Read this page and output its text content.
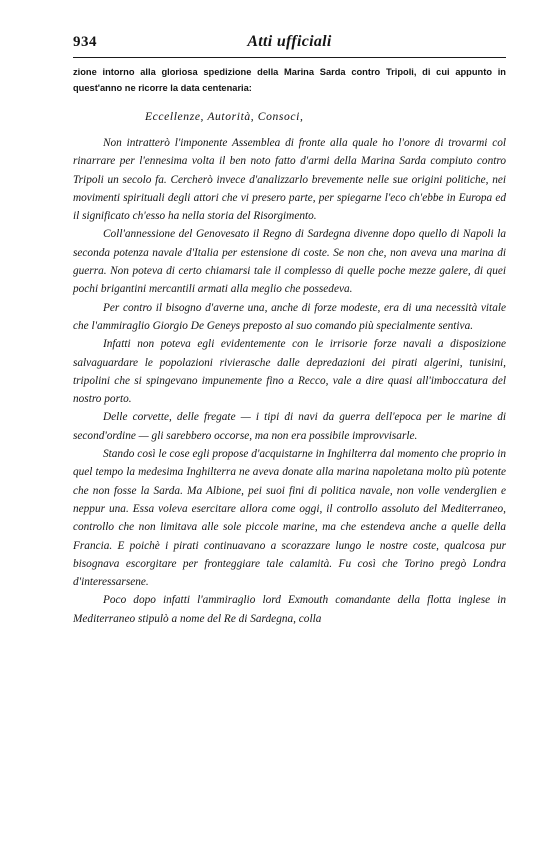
934	Atti ufficiali
zione intorno alla gloriosa spedizione della Marina Sarda contro Tripoli, di cui appunto in quest'anno ne ricorre la data centenaria:
Eccellenze, Autorità, Consoci,

Non intratterò l'imponente Assemblea di fronte alla quale ho l'onore di trovarmi col rinarrare per l'ennesima volta il ben noto fatto d'armi della Marina Sarda compiuto contro Tripoli un secolo fa. Cercherò invece d'analizzarlo brevemente nelle sue origini politiche, nei movimenti spirituali degli attori che vi presero parte, per spiegarne l'eco ch'ebbe in Europa ed il significato ch'esso ha nella storia del Risorgimento.

Coll'annessione del Genovesato il Regno di Sardegna divenne dopo quello di Napoli la seconda potenza navale d'Italia per estensione di coste. Se non che, non aveva una marina di guerra. Non poteva di certo chiamarsi tale il complesso di quelle poche mezze galere, di quei pochi brigantini mercantili armati alla meglio che possedeva.

Per contro il bisogno d'averne una, anche di forze modeste, era di una necessità vitale che l'ammiraglio Giorgio De Geneys preposto al suo comando più specialmente sentiva.

Infatti non poteva egli evidentemente con le irrisorie forze navali a disposizione salvaguardare le popolazioni rivierasche dalle depredazioni dei pirati algerini, tunisini, tripolini che si spingevano impunemente fino a Recco, vale a dire quasi all'imboccatura del nostro porto.

Delle corvette, delle fregate — i tipi di navi da guerra dell'epoca per le marine di second'ordine — gli sarebbero occorse, ma non era possibile improvvisarle.

Stando così le cose egli propose d'acquistarne in Inghilterra dal momento che proprio in quel tempo la medesima Inghilterra ne aveva donate alla marina napoletana molto più potente che non fosse la Sarda. Ma Albione, pei suoi fini di politica navale, non volle venderglien e neppur una. Essa voleva esercitare allora come oggi, il controllo assoluto del Mediterraneo, controllo che non limitava alle sole piccole marine, ma che estendeva anche a quelle della Francia. E poichè i pirati continuavano a scorazzare lungo le nostre coste, qualcosa pur bisognava escorgitare per fronteggiare tale calamità. Fu così che Torino pregò Londra d'interessarsene.

Poco dopo infatti l'ammiraglio lord Exmouth comandante della flotta inglese in Mediterraneo stipulò a nome del Re di Sardegna, colla
